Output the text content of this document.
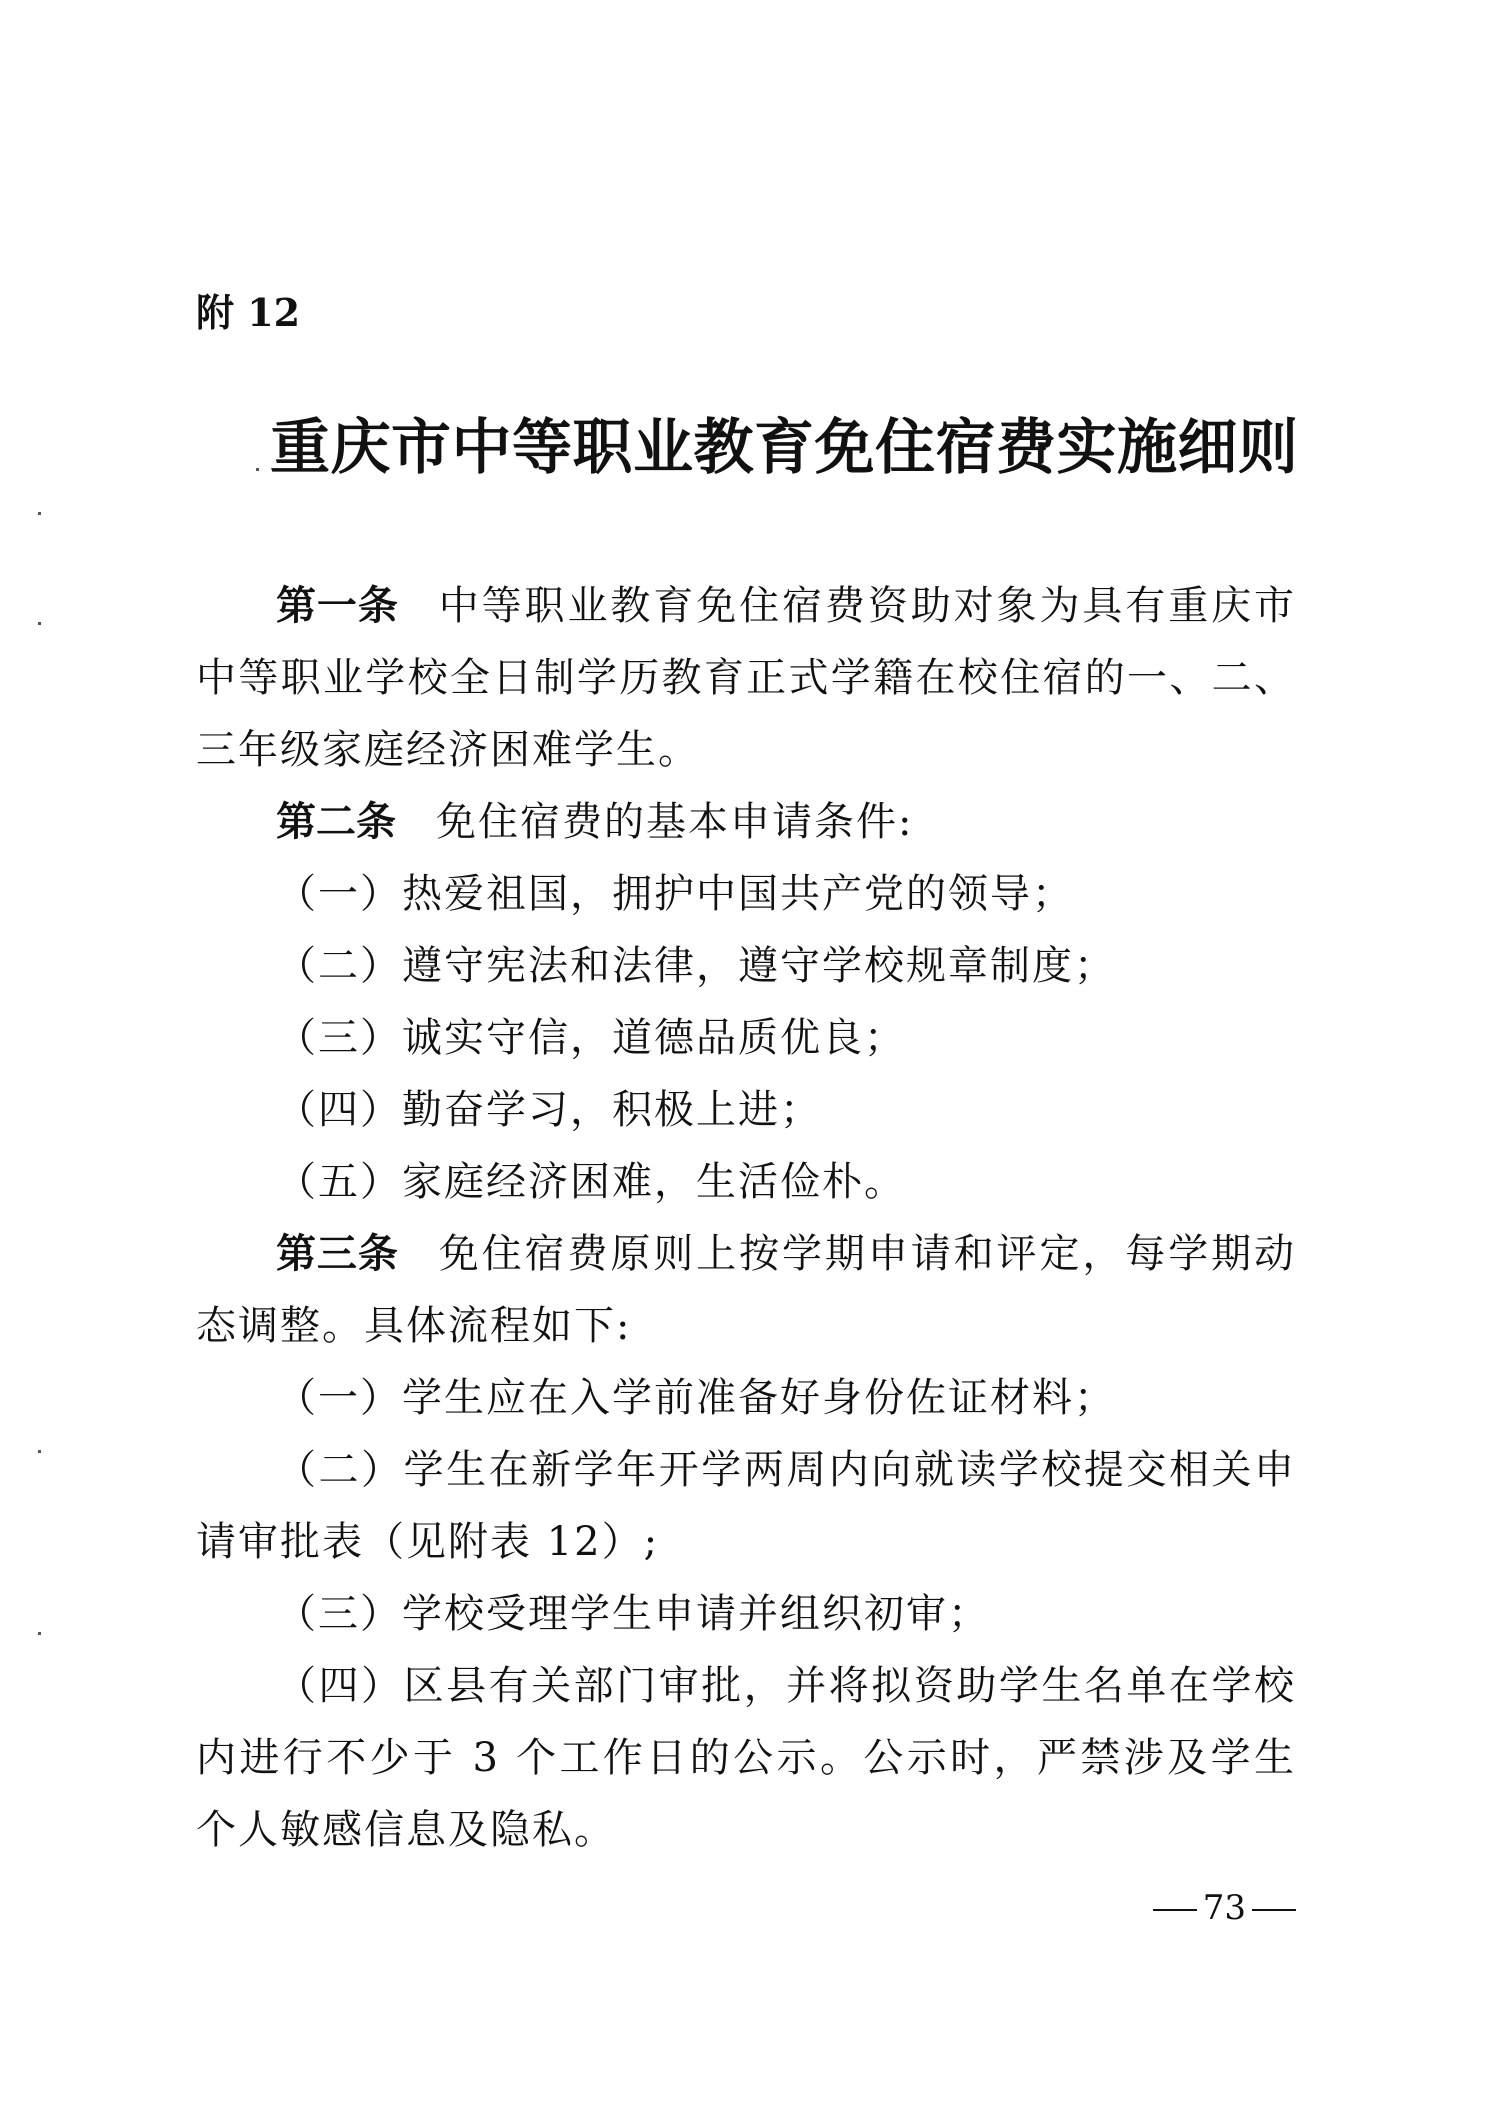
附 12
重庆市中等职业教育免住宿费实施细则

第一条 中等职业教育免住宿费资助对象为具有重庆市中等职业学校全日制学历教育正式学籍在校住宿的一、二、三年级家庭经济困难学生。

第二条 免住宿费的基本申请条件:

（一）热爱祖国，拥护中国共产党的领导；

（二）遵守宪法和法律，遵守学校规章制度；

（三）诚实守信，道德品质优良；

（四）勤奋学习，积极上进；

（五）家庭经济困难，生活俭朴。

第三条 免住宿费原则上按学期申请和评定，每学期动态调整。具体流程如下:

（一）学生应在入学前准备好身份佐证材料；

（二）学生在新学年开学两周内向就读学校提交相关申请审批表（见附表 12）;

（三）学校受理学生申请并组织初审；

（四）区县有关部门审批，并将拟资助学生名单在学校内进行不少于 3 个工作日的公示。公示时，严禁涉及学生个人敏感信息及隐私。

73
